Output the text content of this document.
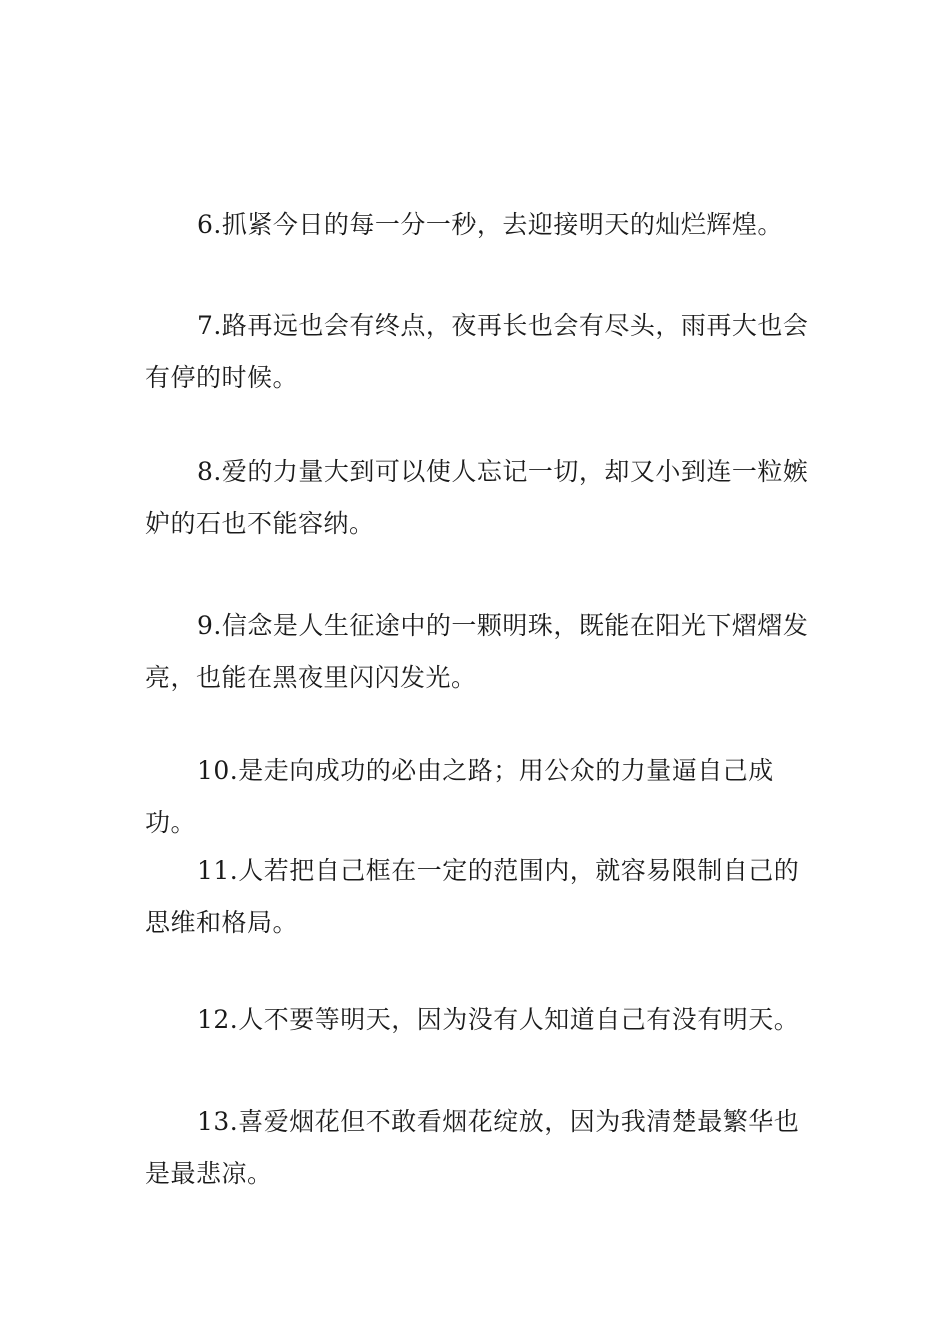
6.抓紧今日的每一分一秒，去迎接明天的灿烂辉煌。

7.路再远也会有终点，夜再长也会有尽头，雨再大也会有停的时候。

8.爱的力量大到可以使人忘记一切，却又小到连一粒嫉妒的石也不能容纳。

9.信念是人生征途中的一颗明珠，既能在阳光下熠熠发亮，也能在黑夜里闪闪发光。

10.是走向成功的必由之路；用公众的力量逼自己成功。

11.人若把自己框在一定的范围内，就容易限制自己的思维和格局。

12.人不要等明天，因为没有人知道自己有没有明天。

13.喜爱烟花但不敢看烟花绽放，因为我清楚最繁华也是最悲凉。
